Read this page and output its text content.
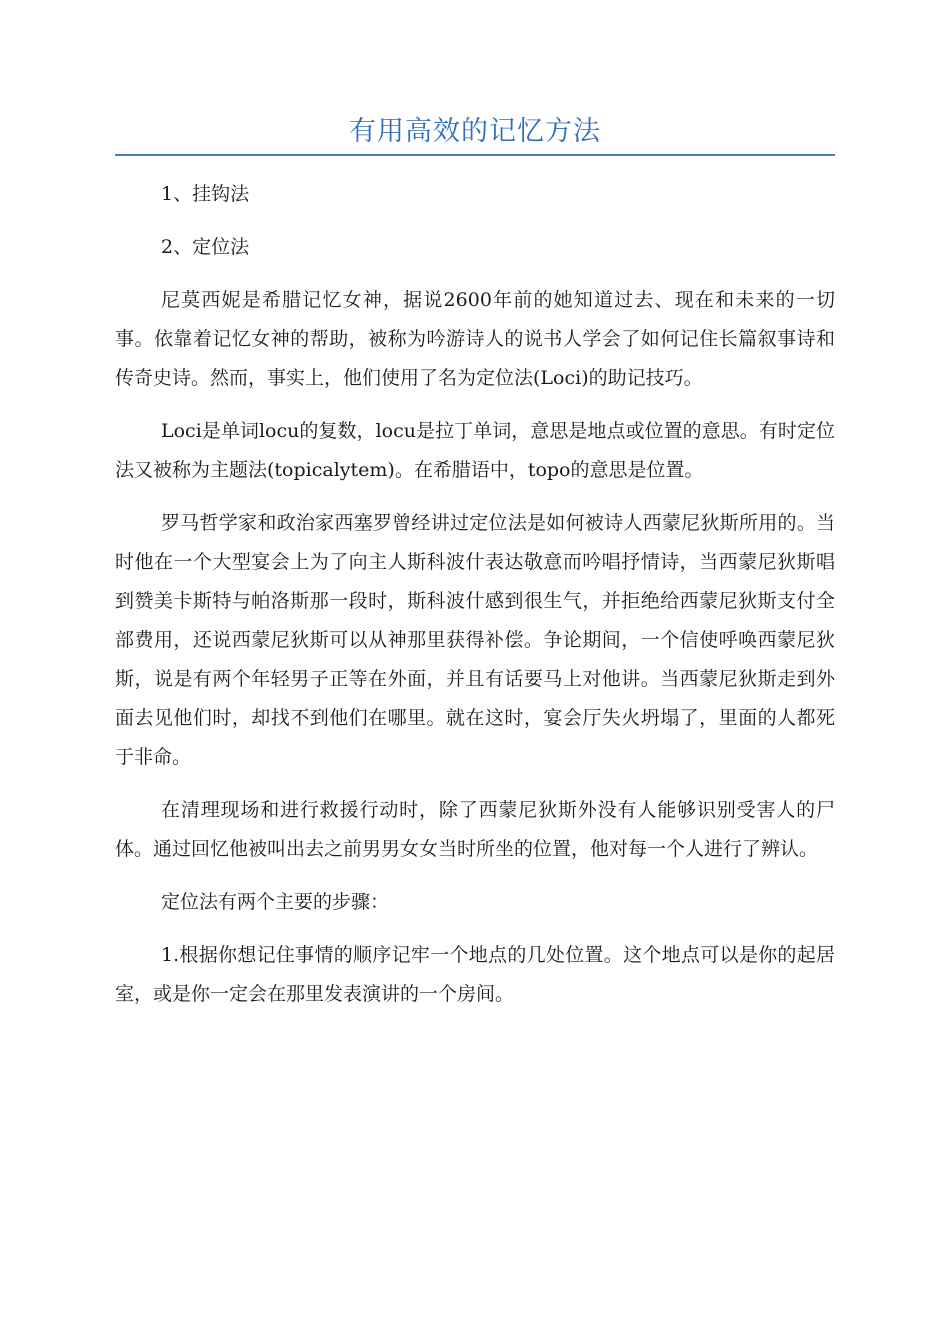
有用高效的记忆方法

1、挂钩法

2、定位法

尼莫西妮是希腊记忆女神，据说2600年前的她知道过去、现在和未来的一切事。依靠着记忆女神的帮助，被称为吟游诗人的说书人学会了如何记住长篇叙事诗和传奇史诗。然而，事实上，他们使用了名为定位法(Loci)的助记技巧。

Loci是单词locu的复数，locu是拉丁单词，意思是地点或位置的意思。有时定位法又被称为主题法(topicalytem)。在希腊语中，topo的意思是位置。

罗马哲学家和政治家西塞罗曾经讲过定位法是如何被诗人西蒙尼狄斯所用的。当时他在一个大型宴会上为了向主人斯科波什表达敬意而吟唱抒情诗，当西蒙尼狄斯唱到赞美卡斯特与帕洛斯那一段时，斯科波什感到很生气，并拒绝给西蒙尼狄斯支付全部费用，还说西蒙尼狄斯可以从神那里获得补偿。争论期间，一个信使呼唤西蒙尼狄斯，说是有两个年轻男子正等在外面，并且有话要马上对他讲。当西蒙尼狄斯走到外面去见他们时，却找不到他们在哪里。就在这时，宴会厅失火坍塌了，里面的人都死于非命。

在清理现场和进行救援行动时，除了西蒙尼狄斯外没有人能够识别受害人的尸体。通过回忆他被叫出去之前男男女女当时所坐的位置，他对每一个人进行了辨认。

定位法有两个主要的步骤：

1.根据你想记住事情的顺序记牢一个地点的几处位置。这个地点可以是你的起居室，或是你一定会在那里发表演讲的一个房间。
